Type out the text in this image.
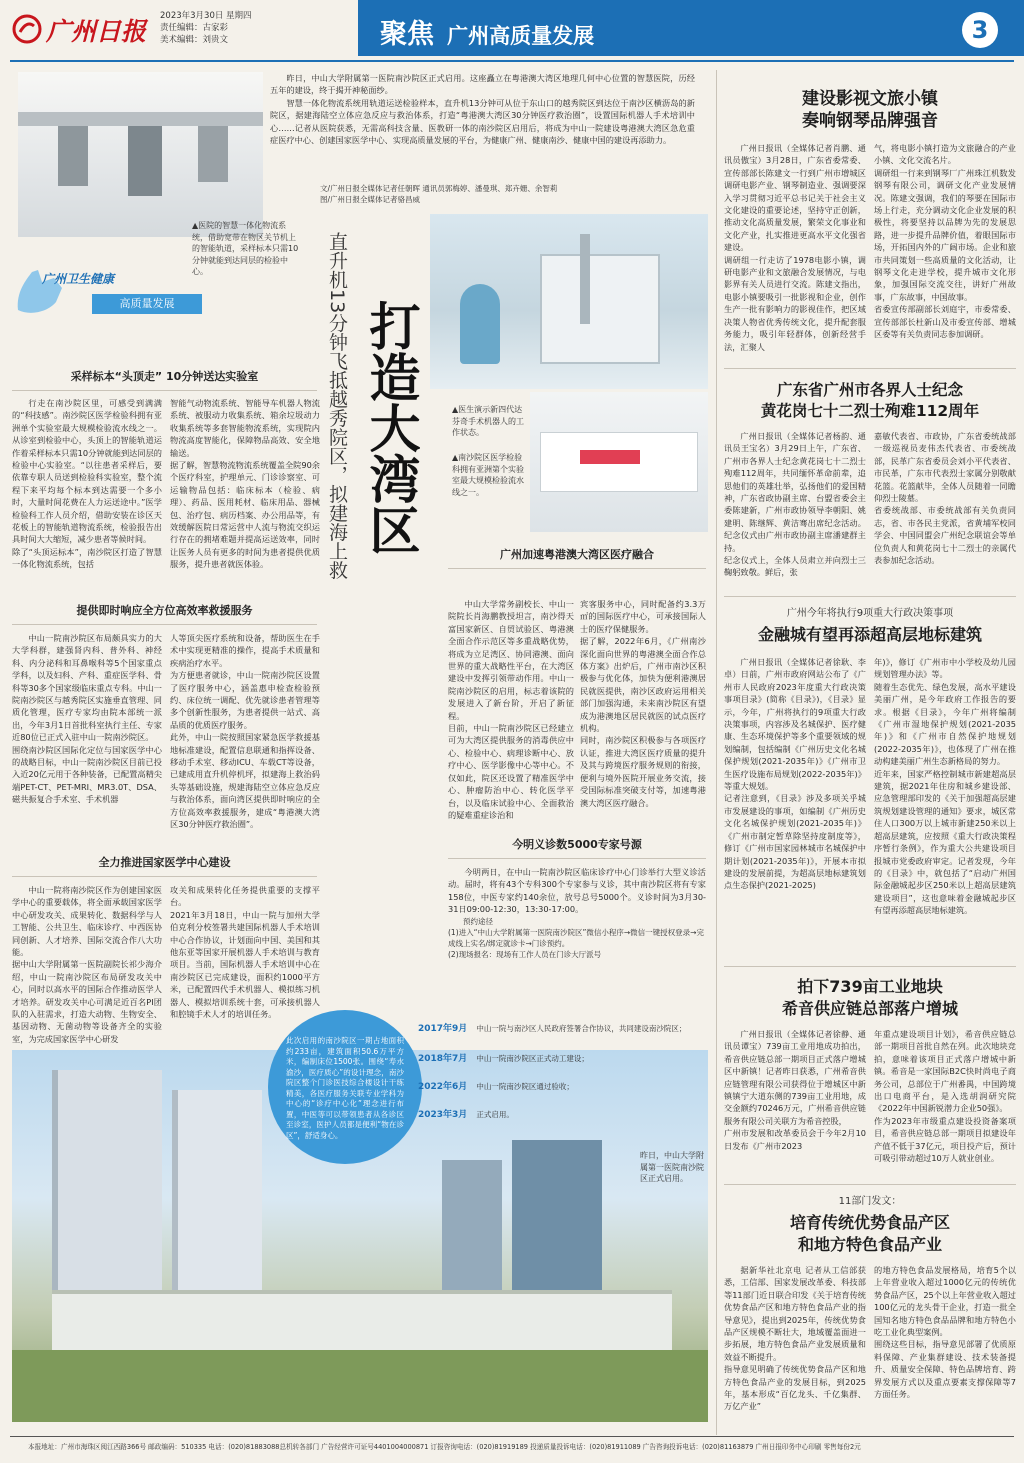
广州日报
2023年3月30日 星期四
责任编辑：古家彩
美术编辑：刘贵文	聚焦 广州高质量发展	3
▲医院的智慧一体化物流系统，借助宽带在物区关节机上的智能轨道，采样标本只需10分钟就能到达同层的检验中心。

昨日，中山大学附属第一医院南沙院区正式启用。这座矗立在粤港澳大湾区地理几何中心位置的智慧医院，历经五年的建设，终于揭开神秘面纱。

智慧一体化物流系统用轨道运送检验样本，直升机13分钟可从位于东山口的越秀院区到达位于南沙区横沥岛的新院区，据建海陆空立体应急反应与救治体系，打造“粤港澳大湾区30分钟医疗救治圈”，设置国际机器人手术培训中心……记者从医院获悉，无需高科技含量、医教研一体的南沙院区启用后，将成为中山一院建设粤港澳大湾区急危重症医疗中心、创建国家医学中心、实现高质量发展的平台，为健康广州、健康南沙、健康中国的建设再添助力。

文/广州日报全媒体记者任朝晖 通讯员郭梅婷、潘曼琪、郑卉姗、余智莉
图/广州日报全媒体记者骆昌威
广州卫生健康
高质量发展
采样标本“头顶走” 10分钟送达实验室
行走在南沙院区里，可感受到满满的“科技感”。南沙院区医学检验科拥有亚洲单个实验室最大规模检验流水线之一。从诊室到检验中心，头顶上的智能轨道运作着采样标本只需10分钟就能到达同层的检验中心实验室。“以往患者采样后，要依靠专职人员送到检验科实验室，整个流程下来平均每个标本到达需要一个多小时，大量时间花费在人力运送途中。”医学检验科工作人员介绍，借助安装在诊区天花板上的智能轨道物流系统，检验报告出具时间大大缩短，减少患者等候时间。
除了“头顶运标本”，南沙院区打造了智慧一体化物流系统，包括
智能气动物流系统、智能导车机器人物流系统、被服动力收集系统、箱余垃圾动力收集系统等多套智能物流系统，实现院内物流高度智能化，保障物品高效、安全地输送。
据了解，智慧物流物流系统覆盖全院90余个医疗科室，护理单元、门诊诊察室、可运输物品包括：临床标本（检验、病理）、药品、医用耗材、临床用品、器械包、治疗包、病历档案、办公用品等，有效缓解医院日常运营中人流与物流交织运行存在的拥堵难题并提高运送效率，同时让医务人员有更多的时间为患者提供优质服务，提升患者就医体验。
提供即时响应全方位高效率救援服务
中山一院南沙院区布局颇具实力的大大学科群，建强肾内科、普外科、神经科、内分泌科和耳鼻喉科等5个国家重点学科，以及妇科、产科、重症医学科、骨科等30多个国家级临床重点专科。中山一院南沙院区与越秀院区实施垂直管理、同质化管理，医疗专家均由院本部统一派出，今年3月1日首批科室执行主任、专家近80位已正式入驻中山一院南沙院区。
围绕南沙院区国际化定位与国家医学中心的战略目标，中山一院南沙院区目前已投入近20亿元用于各种装备，已配置高精尖端PET-CT、PET-MRI、MR3.0T、DSA、磁共振复合手术室、手术机器
人等顶尖医疗系统和设备，帮助医生在手术中实现更精准的操作，提高手术质量和疾病治疗水平。
为方便患者就诊，中山一院南沙院区设置了医疗服务中心，涵盖惠申检查检验预约、床位统一调配、优先就诊患者管理等多个创新性服务，为患者提供一站式、高品质的优质医疗服务。
此外，中山一院按照国家紧急医学救援基地标准建设，配置信息联通和指挥设备、移动手术室、移动ICU、车载CT等设备，已建成用直升机停机坪，拟建海上救治码头等基础设施，规建海陆空立体应急反应与救治体系，面向湾区提供即时响应的全方位高效率救援服务，建成“粤港澳大湾区30分钟医疗救治圈”。
全力推进国家医学中心建设
中山一院将南沙院区作为创建国家医学中心的重要载体，将全面承载国家医学中心研发攻关、成果转化、数据科学与人工智能、公共卫生、临床诊疗、中西医协同创新、人才培养、国际交流合作八大功能。
据中山大学附属第一医院副院长祁少海介绍，中山一院南沙院区布局研发攻关中心，同时以高水平的国际合作推动医学人才培养。研发攻关中心可满足近百名PI团队的入驻需求，打造大动物、生物安全、基因动物、无菌动物等设备齐全的实验室，为完成国家医学中心研发
攻关和成果转化任务提供重要的支撑平台。
2021年3月18日，中山一院与加州大学伯克利分校签署共建国际机器人手术培训中心合作协议，计划面向中国、美国和其他东亚等国家开展机器人手术培训与教育项目。当前，国际机器人手术培训中心在南沙院区已完成建设，面积约1000平方米，已配置四代手术机器人、模拟练习机器人、模拟培训系统十套，可承接机器人和腔镜手术人才的培训任务。
直升机13分钟飞抵越秀院区，拟建海上救
打造大湾区
▲医生演示新四代达芬奇手术机器人的工作状态。
▲南沙院区医学检验科拥有亚洲第个实验室最大规模检验流水线之一。
广州加速粤港澳大湾区医疗融合
中山大学常务副校长、中山一院院长肖海鹏教授坦言，南沙得天富国家新区、自贸试验区、粤港澳全面合作示范区等多重战略优势，将成为立足湾区、协同港澳、面向世界的重大战略性平台，在大湾区建设中发挥引领带动作用。中山一院南沙院区的启用，标志着该院的发展进入了新台阶，开启了新征程。
目前，中山一院南沙院区已经建立可为大湾区提供服务的消毒供应中心、检验中心、病理诊断中心、放疗中心、医学影像中心等中心。不仅如此，院区还设置了精准医学中心、肿瘤防治中心、转化医学平台，以及临床试验中心、全面救治的疑难重症诊治和
宾客服务中心，同时配备约3.3万㎡的国际医疗中心，可承接国际人士的医疗保健服务。
据了解，2022年6月，《广州南沙深化面向世界的粤港澳全面合作总体方案》出炉后，广州市南沙区积极参与优化体，加快为便利港澳居民就医提供，南沙区政府运用相关部门加强沟通，未来南沙院区有望成为港澳地区居民就医的试点医疗机构。
同时，南沙院区积极参与各项医疗认证，推进大湾区医疗质量的提升及其与跨境医疗服务规则的衔接，便利与境外医院开展业务交流，接受国际标准突破支付等，加速粤港澳大湾区医疗融合。
今明义诊数5000专家号源
今明两日，在中山一院南沙院区临床诊疗中心门诊举行大型义诊活动。届时，将有43个专科300个专家参与义诊，其中南沙院区将有专家158位，中医专家约140余位，放号总号5000个。义诊时间为3月30-31日09:00-12:30，13:30-17:00。
预约途径
(1)进入“中山大学附属第一医院南沙院区”微信小程序→微信一键授权登录→完成线上实名/绑定就诊卡→门诊预约。
(2)现场报名：现场有工作人员在门诊大厅派号
此次启用的南沙院区一期占地面积约233亩，建筑面积50.6万平方米，编制床位1500张。围绕“寿水渝沙，医疗质心”的设计理念，南沙院区整个门诊医技综合楼设计干练精美，各医疗服务关联专业学科为中心的“诊疗中心化”理念进行布置，中医等可以带领患者从各诊区至诊室，医护人员都是便利“物在诊区”，舒适身心。
2017年9月 中山一院与南沙区人民政府签署合作协议，共同建设南沙院区；
2018年7月 中山一院南沙院区正式动工建设；
2022年6月 中山一院南沙院区通过验收；
2023年3月 正式启用。
昨日，中山大学附属第一医院南沙院区正式启用。
建设影视文旅小镇
奏响钢琴品牌强音
广州日报讯（全媒体记者肖鹏、通讯员傲宝）3月28日，广东省委常委、宣传部部长陈建文一行到广州市增城区调研电影产业、钢琴制造业、强调要深入学习贯彻习近平总书记关于社会主义文化建设的重要论述，坚持守正创新，推动文化高质量发展，繁荣文化事业和文化产业，扎实推进更高水平文化强省建设。
调研组一行走访了1978电影小镇，调研电影产业和文旅融合发展情况，与电影界有关人员进行交流。陈建文指出，电影小镇要吸引一批影视和企业，创作生产一批有影响力的影视佳作，把区域决策人物省优秀传统文化，提升配套服务能力，吸引年轻群体，创新经营手法，汇聚人
气，将电影小镇打造为文旅融合的产业小镇、文化交流名片。
调研组一行来到钢琴厂广州珠江机数发钢琴有限公司，调研文化产业发展情况。陈建文强调，我们的琴要在国际市场上行走，充分调动文化企业发展的积极性，将要坚持以品牌为先的发展思路，进一步提升品牌价值，着眼国际市场，开拓国内外的广阔市场。企业和旅市共同策划一些高质量的文化活动，让钢琴文化走进学校，提升城市文化形象，加强国际交流交往，讲好广州故事，广东故事，中国故事。
省委宣传部副部长刘庭宇，市委常委、宣传部部长杜新山及市委宣传部、增城区委等有关负责同志参加调研。
广东省广州市各界人士纪念
黄花岗七十二烈士殉难112周年
广州日报讯（全媒体记者杨韵、通讯员王宝名）3月29日上午，广东省、广州市各界人士纪念黄花岗七十二烈士殉难112周年，共同缅怀革命前辈，追思他们的英雄壮举，弘扬他们的爱国精神，广东省政协副主席、台盟省委会主委陈建新，广州市政协领导李朝阳、姚建明、陈继辉、黄洁骞出席纪念活动。纪念仪式由广州市政协副主席潘建群主持。
纪念仪式上，全体人员肃立并向烈士三鞠躬致敬。鲜后，张
嘉敏代表省、市政协，广东省委统战部一级巡视员麦伟杰代表省、市委统战部，民革广东省委员会刘小平代表省、市民革，广东市代表烈士家属分别敬献花篮。花篮献毕，全体人员随着一同瞻仰烈士陵墓。
省委统战部、市委统战部有关负责同志，省、市各民主党派，省黄埔军校同学会、中国同盟会广州纪念联谊会等单位负责人和黄花岗七十二烈士的亲属代表参加纪念活动。
广州今年将执行9项重大行政决策事项
金融城有望再添超高层地标建筑
广州日报讯（全媒体记者徐耿、李卓）日前，广州市政府网站公布了《广州市人民政府2023年度重大行政决策事项目录》(简称《目录》)，《目录》显示，今年，广州将执行的9项重大行政决策事项，内容涉及名城保护、医疗健康、生态环境保护等多个重要领域的规划编制，包括编制《广州历史文化名城保护规划(2021-2035年)》《广州市卫生医疗设施布局规划(2022-2035年)》等重大规划。
记者注意到，《目录》涉及多项关乎城市发展建设的事项，如编制《广州历史文化名城保护规划(2021-2035年)》《广州市制定暂草除坚持度制度等》，修订《广州市国家园林城市名城保护中期计划(2021-2035年)》，开展本市拟建设的发展前提，为超高层地标建筑划点生态保护(2021-2025)
年)》，修订《广州市中小学校及幼儿园规划管理办法》等。
随着生态优先、绿色发展，高水平建设美丽广州，是今年政府工作报告的要求。根据《目录》，今年广州将编制《广州市湿地保护规划(2021-2035年)》和《广州市自然保护地规划(2022-2035年)》，也体现了广州在推动构建美丽广州生态新格局的努力。
近年来，国家严格控制城市新建超高层建筑，据2021年住房和城乡建设部、应急管理部印发的《关于加强超高层建筑规划建设管理的通知》要求，城区常住人口300万以上城市新建250米以上超高层建筑，应按照《重大行政决策程序暂行条例》，作为重大公共建设项目报城市党委政府审定。记者发现，今年的《目录》中，就包括了“启动广州国际金融城起步区250米以上超高层建筑建设项目”，这也意味着金融城起步区有望再添超高层地标建筑。
拍下739亩工业地块
希音供应链总部落户增城
广州日报讯（全媒体记者徐静、通讯员谭宝）739亩工业用地成功拍出，希音供应链总部一期项目正式落户增城区中新镇！记者昨日获悉，广州希音供应链管理有限公司获得位于增城区中新镇镇宁大道东侧的739亩工业用地，成交金额约70246万元，广州希音供应链服务有限公司关联方为希音控股，
广州市发展和改革委员会于今年2月10日发布《广州市2023
年重点建设项目计划》，希音供应链总部一期项目首批自然在列。此次地块竞拍，意味着该项目正式落户增城中新镇。希音是一家国际B2C快时尚电子商务公司，总部位于广州番禺，中国跨境出口电商平台，是入选胡润研究院《2022年中国新锐潜力企业50强》。
作为2023年市级重点建设投资备案项目，希音供应链总部一期项目拟建设年产值不低于37亿元，项目投产后，预计可吸引带动超过10万人就业创业。
11部门发文：
培育传统优势食品产区
和地方特色食品产业
据新华社北京电 记者从工信部获悉，工信部、国家发展改革委、科技部等11部门近日联合印发《关于培育传统优势食品产区和地方特色食品产业的指导意见》，提出到2025年，传统优势食品产区规模不断壮大，地域覆盖面进一步拓展，地方特色食品产业发展质量和效益不断提升。
指导意见明确了传统优势食品产区和地方特色食品产业的发展目标，到2025年，基本形成“百亿龙头、千亿集群、万亿产业”
的地方特色食品发展格局，培育5个以上年营业收入超过1000亿元的传统优势食品产区，25个以上年营业收入超过100亿元的龙头骨干企业，打造一批全国知名地方特色食品品牌和地方特色小吃工业化典型案例。
围绕这些目标，指导意见部署了优质原料保障、产业集群建设、技术装备提升、质量安全保障、特色品牌培育、跨界发展方式以及重点要素支撑保障等7方面任务。
本报地址：广州市海珠区阅江西路366号 邮政编码：510335 电话：(020)81883088总机转各部门 广告经营许可证号4401004000871 订报咨询电话：(020)81919189 投递质量投诉电话：(020)81911089 广告咨询投诉电话：(020)81163879 广州日报印务中心印刷 零售每份2元
